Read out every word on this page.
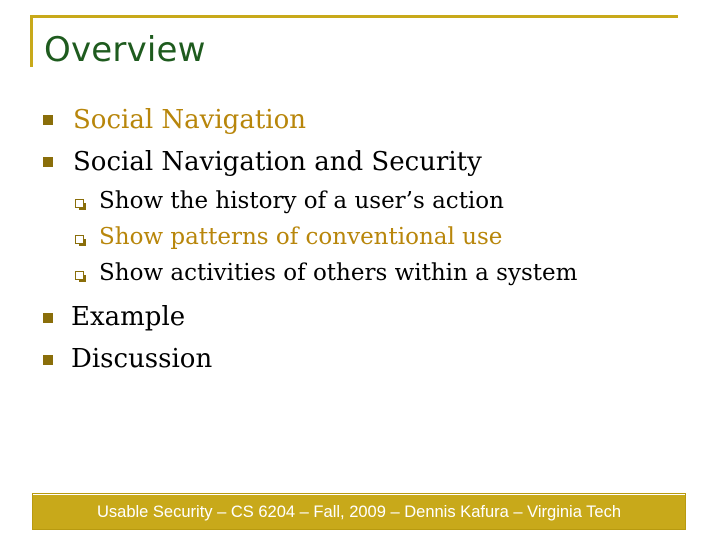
Overview
Social Navigation
Social Navigation and Security
Show the history of a user’s action
Show patterns of conventional use
Show activities of others within a system
Example
Discussion
Usable Security – CS 6204 – Fall, 2009 – Dennis Kafura – Virginia Tech
